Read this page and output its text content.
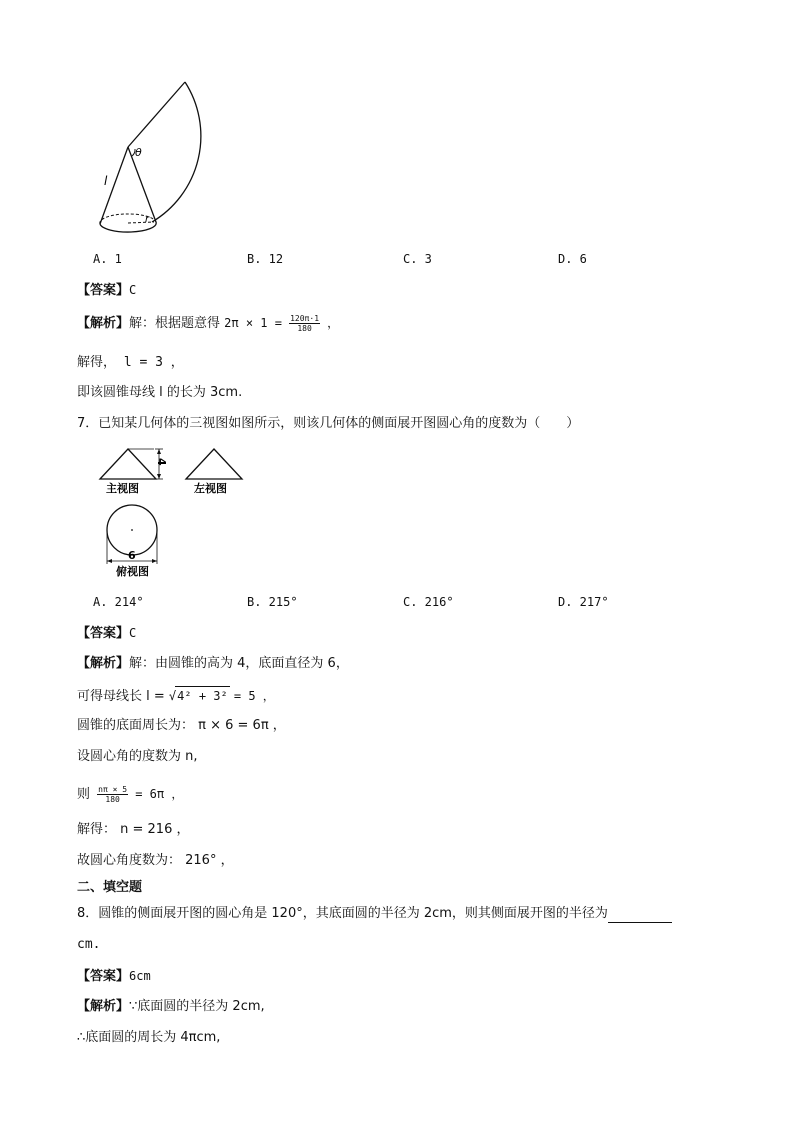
θ
l
r
A. 1	B. 12	C. 3	D. 6
【答案】C
【解析】解：根据题意得 $2\pi \times 1 = \frac{120\pi\cdot 1}{180}$ ，
解得， l = 3 ，
即该圆锥母线 l 的长为 3cm.
7．已知某几何体的三视图如图所示，则该几何体的侧面展开图圆心角的度数为（　　）
4
主视图	左视图
6
俯视图
A. 214°	B. 215°	C. 216°	D. 217°
【答案】C
【解析】解：由圆锥的高为 4，底面直径为 6，
可得母线长 l = √4² + 3² = 5 ，
圆锥的底面周长为： π × 6 = 6π ，
设圆心角的度数为 n,
则 $\frac{n\pi \times 5}{180} = 6\pi$ ，
解得： n = 216 ，
故圆心角度数为： 216° ，
二、填空题
8．圆锥的侧面展开图的圆心角是 120°，其底面圆的半径为 2cm，则其侧面展开图的半径为
cm.
【答案】6cm
【解析】∵底面圆的半径为 2cm,
∴底面圆的周长为 4πcm,
